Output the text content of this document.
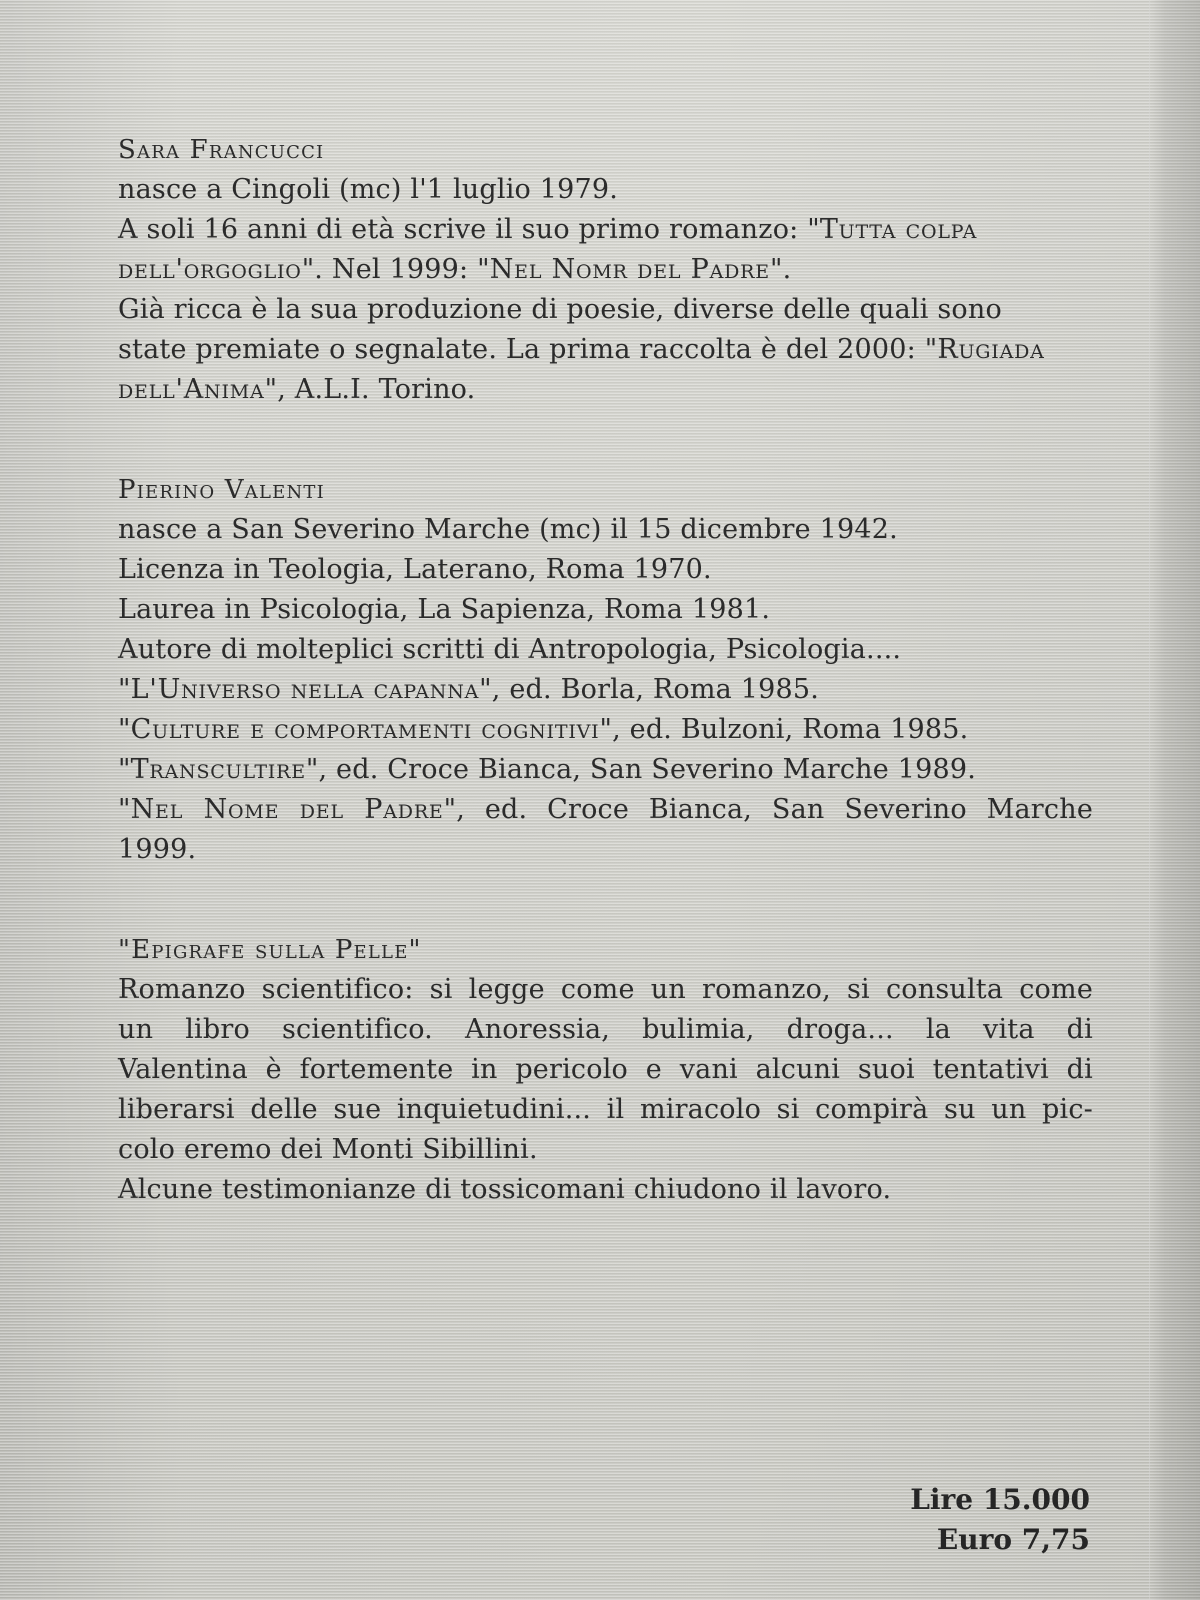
Sara Francucci
nasce a Cingoli (mc) l'1 luglio 1979.
A soli 16 anni di età scrive il suo primo romanzo: "Tutta colpa
dell'orgoglio". Nel 1999: "Nel Nomr del Padre".
Già ricca è la sua produzione di poesie, diverse delle quali sono
state premiate o segnalate. La prima raccolta è del 2000: "Rugiada
dell'Anima", A.L.I. Torino.
Pierino Valenti
nasce a San Severino Marche (mc) il 15 dicembre 1942.
Licenza in Teologia, Laterano, Roma 1970.
Laurea in Psicologia, La Sapienza, Roma 1981.
Autore di molteplici scritti di Antropologia, Psicologia....
"L'Universo nella capanna", ed. Borla, Roma 1985.
"Culture e comportamenti cognitivi", ed. Bulzoni, Roma 1985.
"Transcultire", ed. Croce Bianca, San Severino Marche 1989.
"Nel Nome del Padre", ed. Croce Bianca, San Severino Marche
1999.
"Epigrafe sulla Pelle"
Romanzo scientifico: si legge come un romanzo, si consulta come
un libro scientifico. Anoressia, bulimia, droga... la vita di
Valentina è fortemente in pericolo e vani alcuni suoi tentativi di
liberarsi delle sue inquietudini... il miracolo si compirà su un pic-
colo eremo dei Monti Sibillini.
Alcune testimonianze di tossicomani chiudono il lavoro.
Lire 15.000
Euro 7,75
